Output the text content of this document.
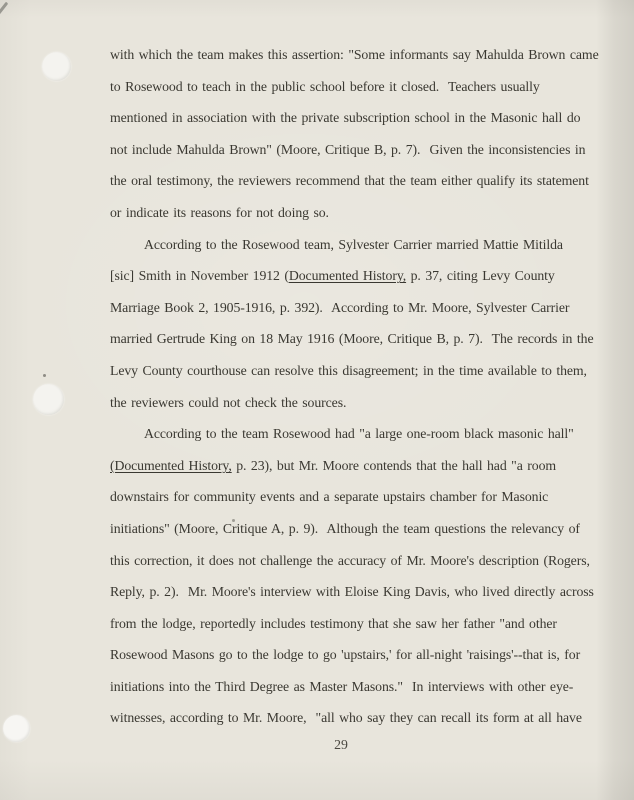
with which the team makes this assertion: "Some informants say Mahulda Brown came
to Rosewood to teach in the public school before it closed.  Teachers usually
mentioned in association with the private subscription school in the Masonic hall do
not include Mahulda Brown" (Moore, Critique B, p. 7).  Given the inconsistencies in
the oral testimony, the reviewers recommend that the team either qualify its statement
or indicate its reasons for not doing so.
According to the Rosewood team, Sylvester Carrier married Mattie Mitilda
[sic] Smith in November 1912 (Documented History, p. 37, citing Levy County
Marriage Book 2, 1905-1916, p. 392).  According to Mr. Moore, Sylvester Carrier
married Gertrude King on 18 May 1916 (Moore, Critique B, p. 7).  The records in the
Levy County courthouse can resolve this disagreement; in the time available to them,
the reviewers could not check the sources.
According to the team Rosewood had "a large one-room black masonic hall"
(Documented History, p. 23), but Mr. Moore contends that the hall had "a room
downstairs for community events and a separate upstairs chamber for Masonic
initiations" (Moore, Critique A, p. 9).  Although the team questions the relevancy of
this correction, it does not challenge the accuracy of Mr. Moore's description (Rogers,
Reply, p. 2).  Mr. Moore's interview with Eloise King Davis, who lived directly across
from the lodge, reportedly includes testimony that she saw her father "and other
Rosewood Masons go to the lodge to go 'upstairs,' for all-night 'raisings'--that is, for
initiations into the Third Degree as Master Masons."  In interviews with other eye-
witnesses, according to Mr. Moore,  "all who say they can recall its form at all have
29
